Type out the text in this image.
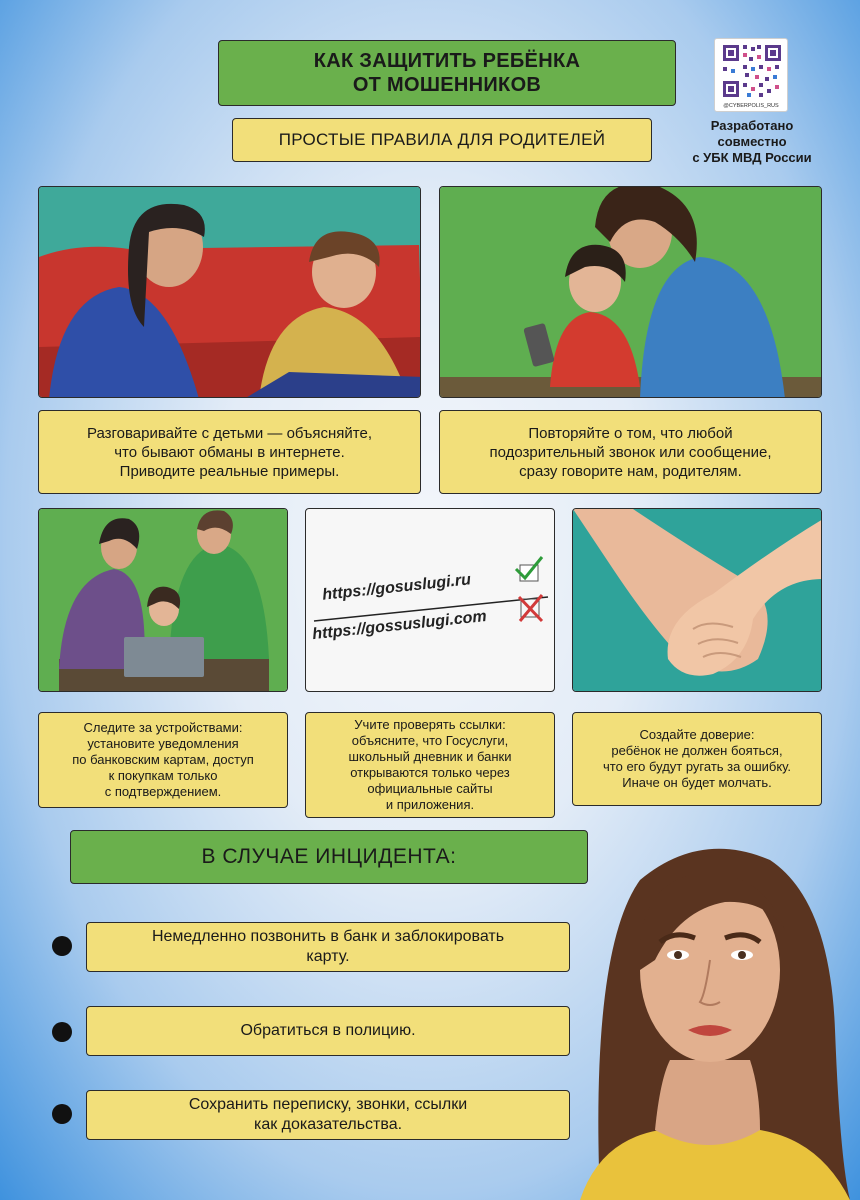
КАК ЗАЩИТИТЬ РЕБЁНКА
ОТ МОШЕННИКОВ
ПРОСТЫЕ ПРАВИЛА ДЛЯ РОДИТЕЛЕЙ
@CYBERPOLIS_RUS
Разработано
совместно
с УБК МВД России
Разговаривайте с детьми — объясняйте,
что бывают обманы в интернете.
Приводите реальные примеры.
Повторяйте о том, что любой
подозрительный звонок или сообщение,
сразу говорите нам, родителям.
https://gosuslugi.ru
https://gossuslugi.com
Следите за устройствами:
установите уведомления
по банковским картам, доступ
к покупкам только
с подтверждением.
Учите проверять ссылки:
объясните, что Госуслуги,
школьный дневник и банки
открываются только через
официальные сайты
и приложения.
Создайте доверие:
ребёнок не должен бояться,
что его будут ругать за ошибку.
Иначе он будет молчать.
В СЛУЧАЕ ИНЦИДЕНТА:
Немедленно позвонить в банк и заблокировать
карту.
Обратиться в полицию.
Сохранить переписку, звонки, ссылки
как доказательства.
